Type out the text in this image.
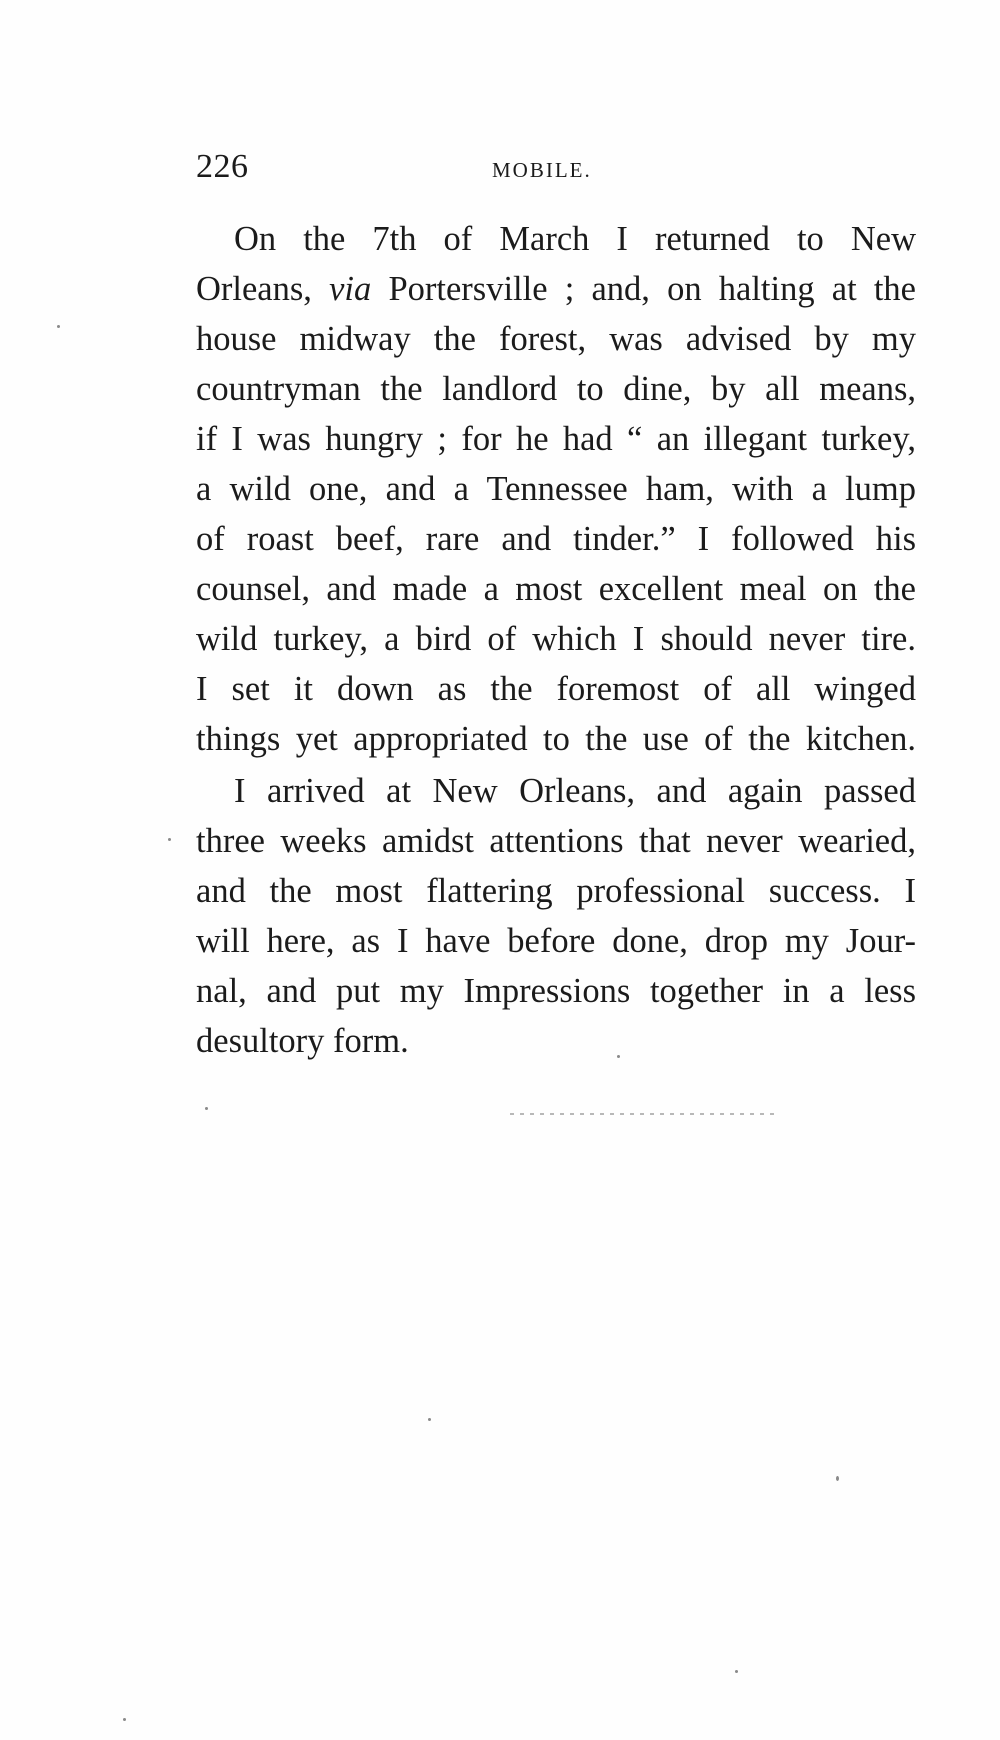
226	MOBILE.
On the 7th of March I returned to New
Orleans, via Portersville ; and, on halting at the
house midway the forest, was advised by my
countryman the landlord to dine, by all means,
if I was hungry ; for he had “ an illegant turkey,
a wild one, and a Tennessee ham, with a lump
of roast beef, rare and tinder.” I followed his
counsel, and made a most excellent meal on the
wild turkey, a bird of which I should never tire.
I set it down as the foremost of all winged
things yet appropriated to the use of the kitchen.
I arrived at New Orleans, and again passed
three weeks amidst attentions that never wearied,
and the most flattering professional success. I
will here, as I have before done, drop my Jour-
nal, and put my Impressions together in a less
desultory form.
